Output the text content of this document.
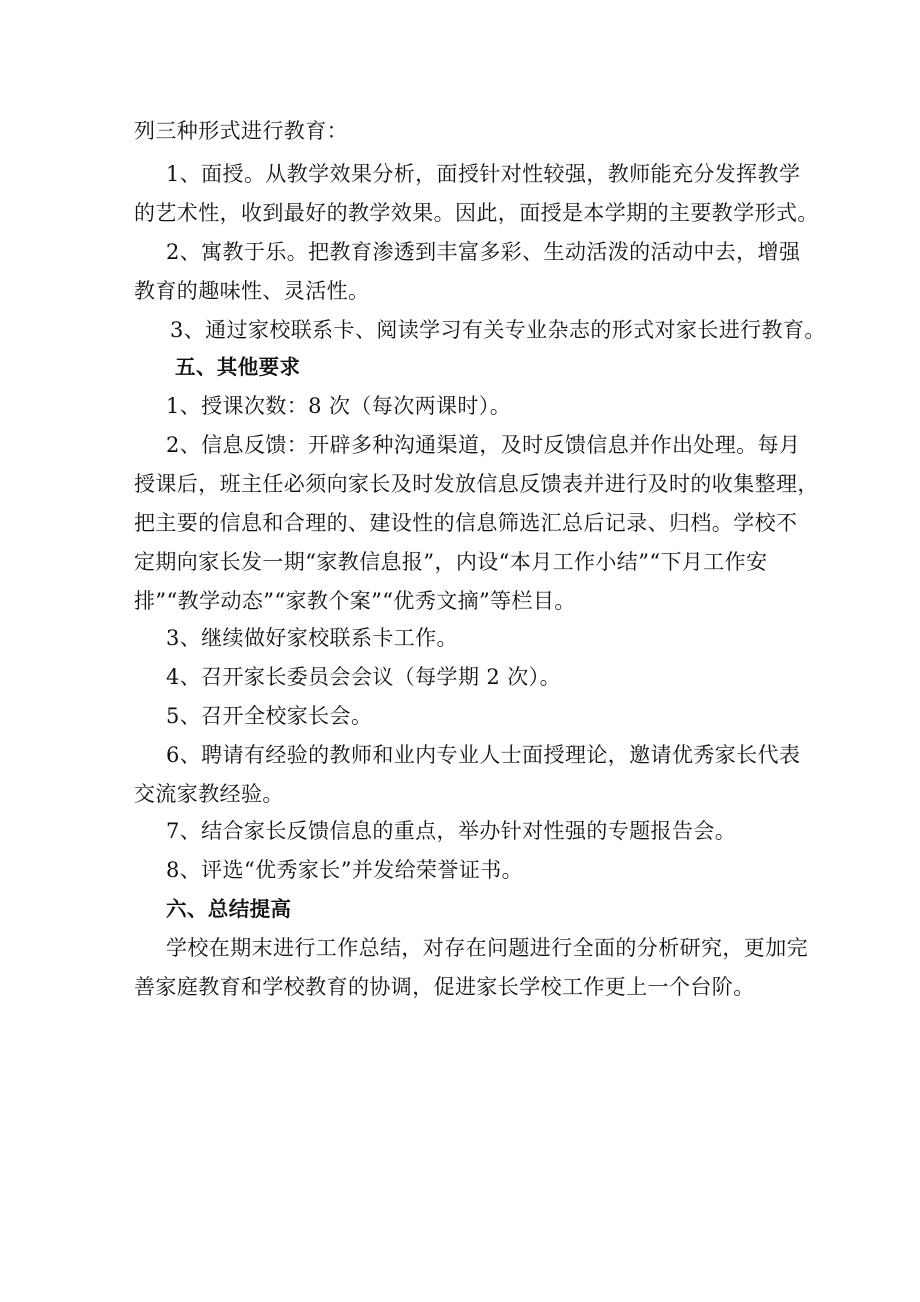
列三种形式进行教育：
1、面授。从教学效果分析，面授针对性较强，教师能充分发挥教学
的艺术性，收到最好的教学效果。因此，面授是本学期的主要教学形式。
2、寓教于乐。把教育渗透到丰富多彩、生动活泼的活动中去，增强
教育的趣味性、灵活性。
3、通过家校联系卡、阅读学习有关专业杂志的形式对家长进行教育。
五、其他要求
1、授课次数：8 次（每次两课时）。
2、信息反馈：开辟多种沟通渠道，及时反馈信息并作出处理。每月
授课后，班主任必须向家长及时发放信息反馈表并进行及时的收集整理，
把主要的信息和合理的、建设性的信息筛选汇总后记录、归档。学校不
定期向家长发一期“家教信息报”，内设“本月工作小结”“下月工作安
排”“教学动态”“家教个案”“优秀文摘”等栏目。
3、继续做好家校联系卡工作。
4、召开家长委员会会议（每学期 2 次）。
5、召开全校家长会。
6、聘请有经验的教师和业内专业人士面授理论，邀请优秀家长代表
交流家教经验。
7、结合家长反馈信息的重点，举办针对性强的专题报告会。
8、评选“优秀家长”并发给荣誉证书。
六、总结提高
学校在期末进行工作总结，对存在问题进行全面的分析研究，更加完
善家庭教育和学校教育的协调，促进家长学校工作更上一个台阶。
